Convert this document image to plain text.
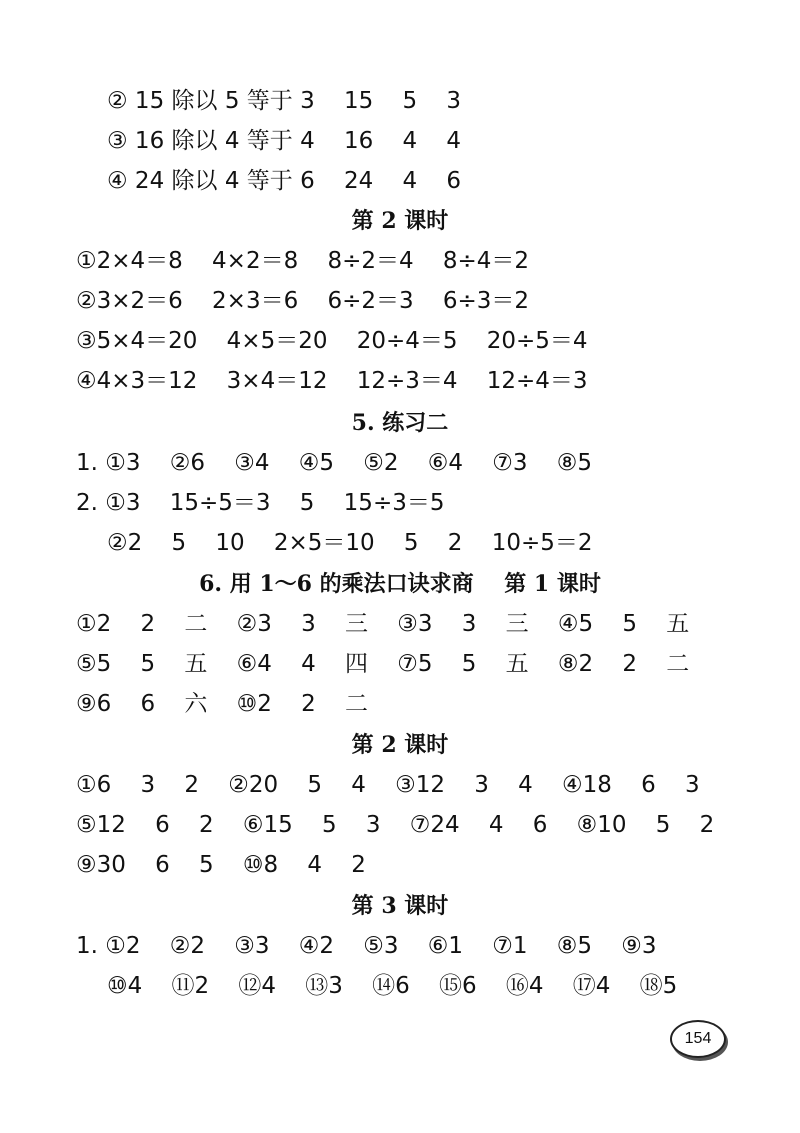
② 15 除以 5 等于 3    15    5    3
③ 16 除以 4 等于 4    16    4    4
④ 24 除以 4 等于 6    24    4    6
第 2 课时
①2×4＝8    4×2＝8    8÷2＝4    8÷4＝2
②3×2＝6    2×3＝6    6÷2＝3    6÷3＝2
③5×4＝20    4×5＝20    20÷4＝5    20÷5＝4
④4×3＝12    3×4＝12    12÷3＝4    12÷4＝3
5. 练习二
1. ①3    ②6    ③4    ④5    ⑤2    ⑥4    ⑦3    ⑧5
2. ①3    15÷5＝3    5    15÷3＝5
②2    5    10    2×5＝10    5    2    10÷5＝2
6. 用 1～6 的乘法口诀求商    第 1 课时
①2    2    二    ②3    3    三    ③3    3    三    ④5    5    五
⑤5    5    五    ⑥4    4    四    ⑦5    5    五    ⑧2    2    二
⑨6    6    六    ⑩2    2    二
第 2 课时
①6    3    2    ②20    5    4    ③12    3    4    ④18    6    3
⑤12    6    2    ⑥15    5    3    ⑦24    4    6    ⑧10    5    2
⑨30    6    5    ⑩8    4    2
第 3 课时
1. ①2    ②2    ③3    ④2    ⑤3    ⑥1    ⑦1    ⑧5    ⑨3
⑩4    ⑪2    ⑫4    ⑬3    ⑭6    ⑮6    ⑯4    ⑰4    ⑱5
154
